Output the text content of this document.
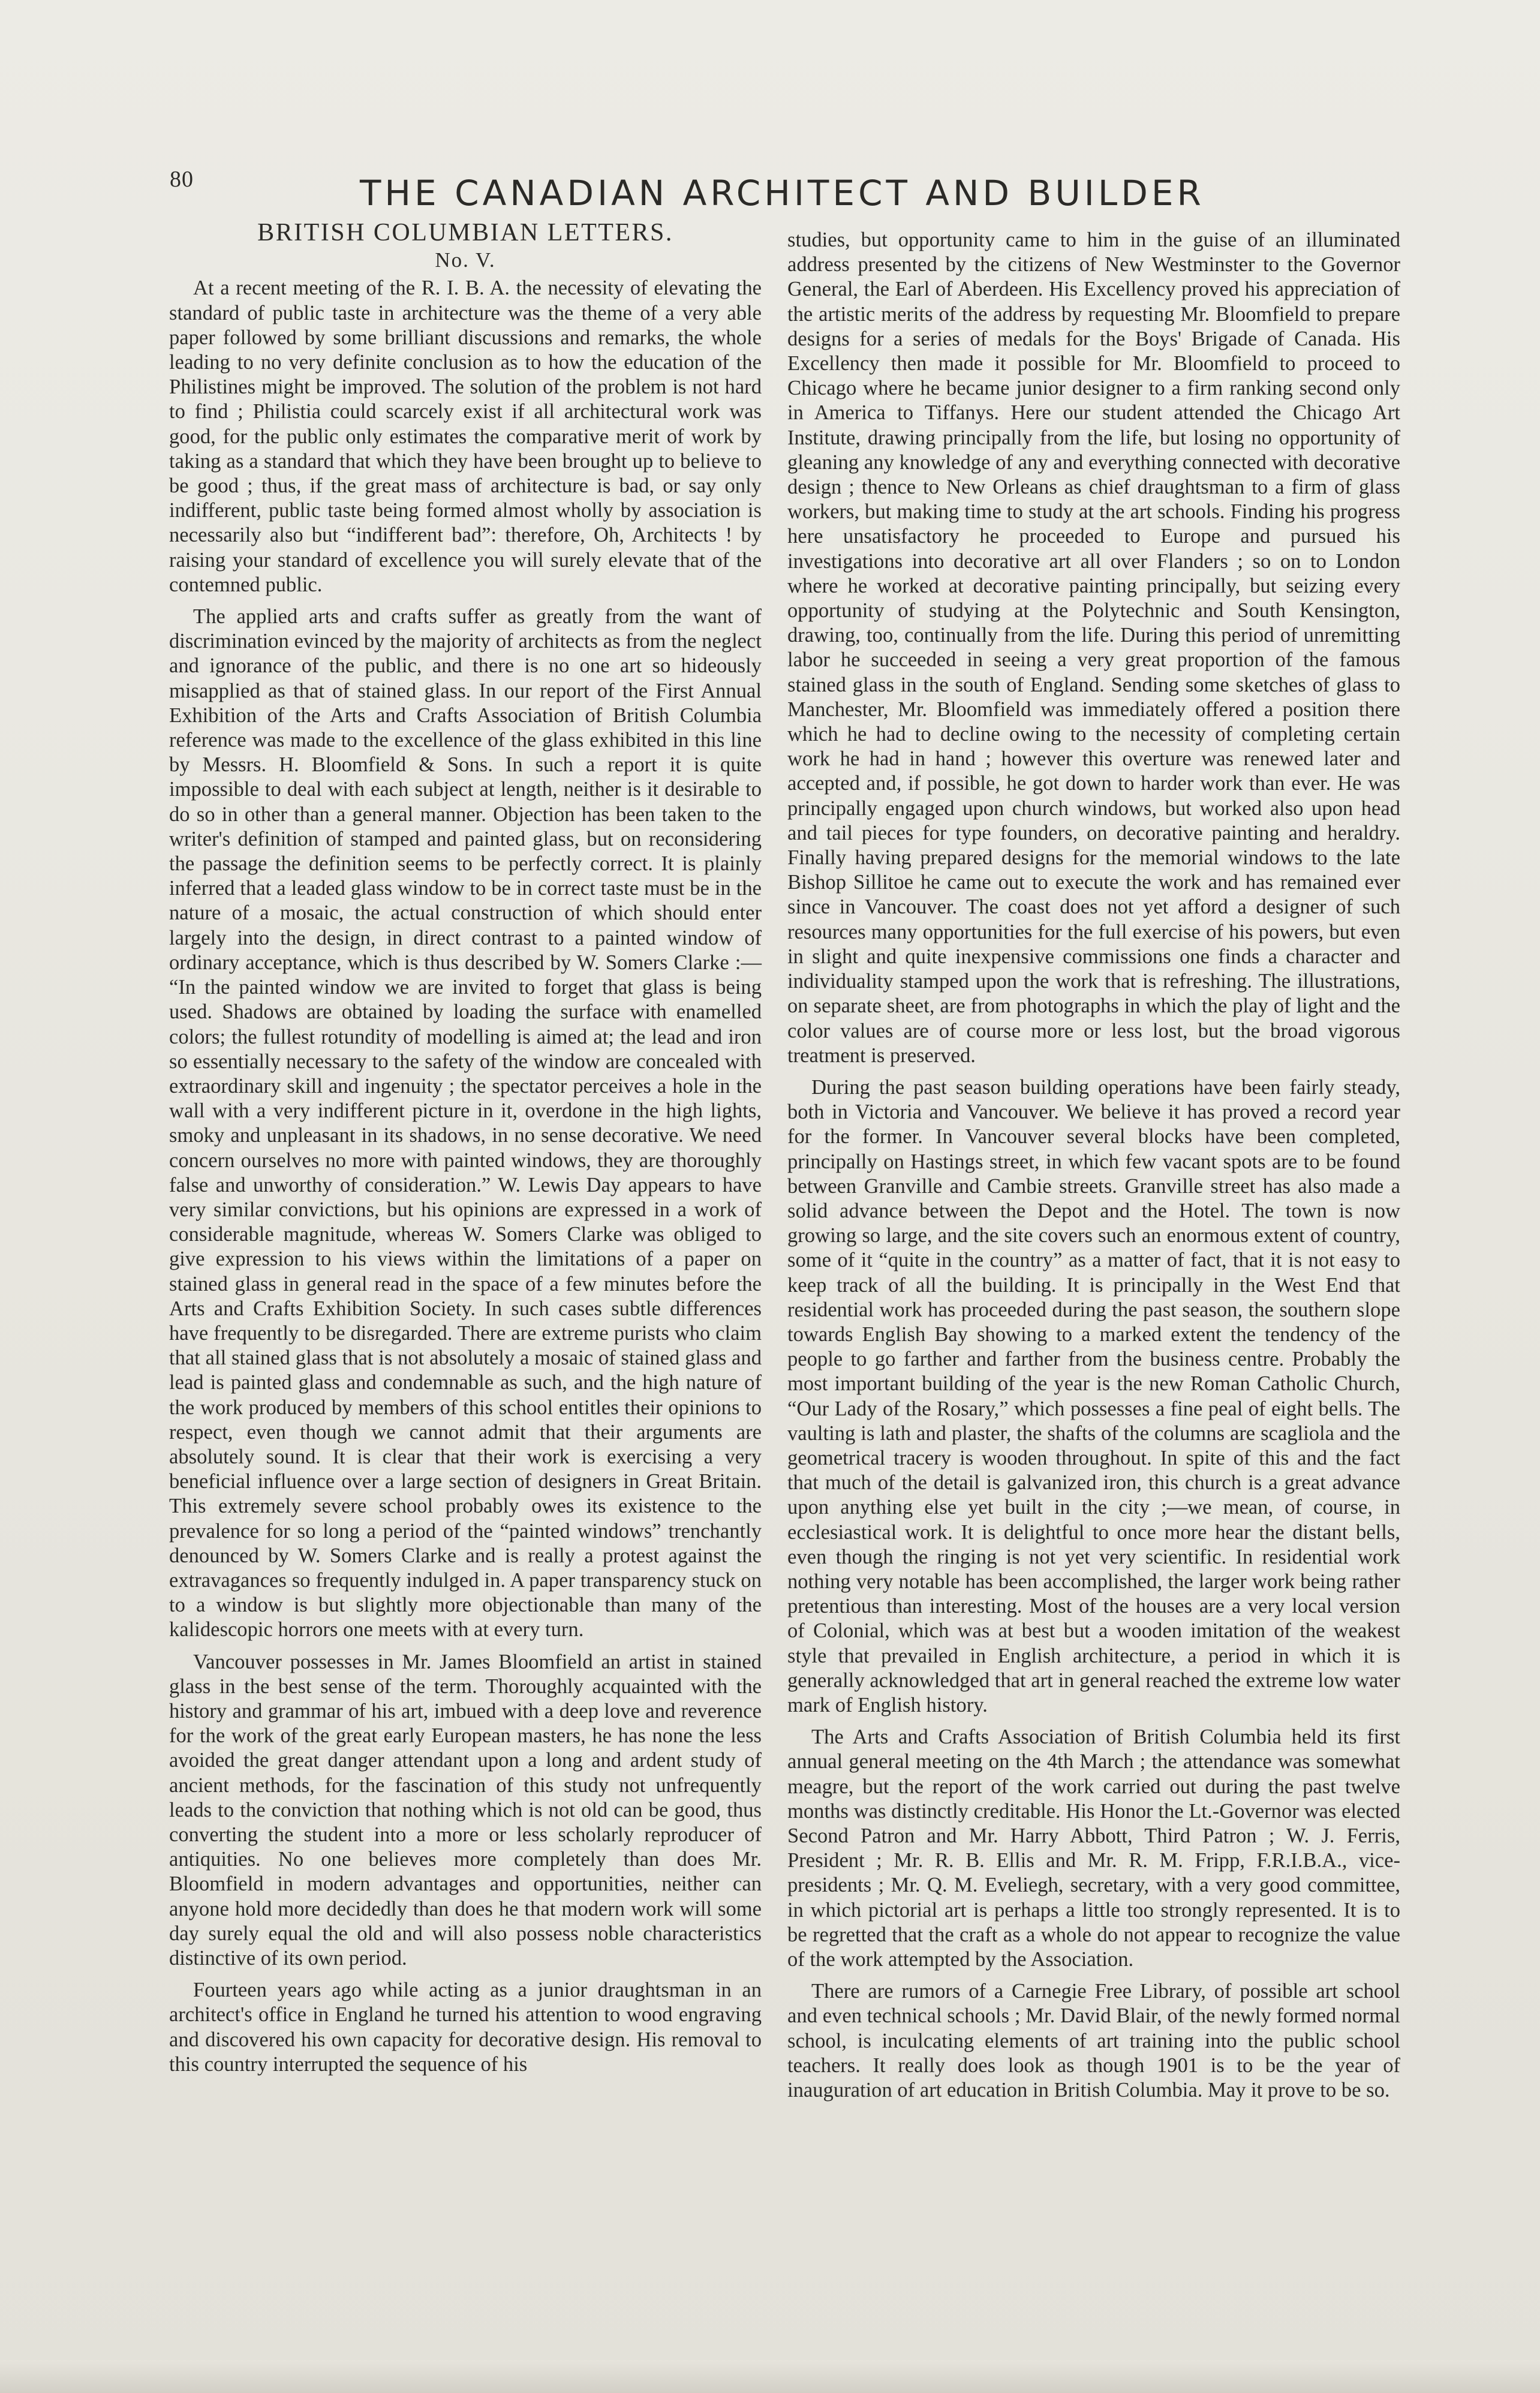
80	THE CANADIAN ARCHITECT AND BUILDER
BRITISH COLUMBIAN LETTERS.
No. V.

At a recent meeting of the R. I. B. A. the necessity of elevating the standard of public taste in architecture was the theme of a very able paper followed by some brilliant discussions and remarks, the whole leading to no very definite conclusion as to how the education of the Philistines might be improved. The solution of the problem is not hard to find ; Philistia could scarcely exist if all architectural work was good, for the public only estimates the comparative merit of work by taking as a standard that which they have been brought up to believe to be good ; thus, if the great mass of architecture is bad, or say only indifferent, public taste being formed almost wholly by association is necessarily also but “indifferent bad”: therefore, Oh, Architects ! by raising your standard of excellence you will surely elevate that of the contemned public.

The applied arts and crafts suffer as greatly from the want of discrimination evinced by the majority of architects as from the neglect and ignorance of the public, and there is no one art so hideously misapplied as that of stained glass. In our report of the First Annual Exhibition of the Arts and Crafts Association of British Columbia reference was made to the excellence of the glass exhibited in this line by Messrs. H. Bloomfield & Sons. In such a report it is quite impossible to deal with each subject at length, neither is it desirable to do so in other than a general manner. Objection has been taken to the writer's definition of stamped and painted glass, but on reconsidering the passage the definition seems to be perfectly correct. It is plainly inferred that a leaded glass window to be in correct taste must be in the nature of a mosaic, the actual construction of which should enter largely into the design, in direct contrast to a painted window of ordinary acceptance, which is thus described by W. Somers Clarke :— “In the painted window we are invited to forget that glass is being used. Shadows are obtained by loading the surface with enamelled colors; the fullest rotundity of modelling is aimed at; the lead and iron so essentially necessary to the safety of the window are concealed with extraordinary skill and ingenuity ; the spectator perceives a hole in the wall with a very indifferent picture in it, overdone in the high lights, smoky and unpleasant in its shadows, in no sense decorative. We need concern ourselves no more with painted windows, they are thoroughly false and unworthy of consideration.” W. Lewis Day appears to have very similar convictions, but his opinions are expressed in a work of considerable magnitude, whereas W. Somers Clarke was obliged to give expression to his views within the limitations of a paper on stained glass in general read in the space of a few minutes before the Arts and Crafts Exhibition Society. In such cases subtle differences have frequently to be disregarded. There are extreme purists who claim that all stained glass that is not absolutely a mosaic of stained glass and lead is painted glass and condemnable as such, and the high nature of the work produced by members of this school entitles their opinions to respect, even though we cannot admit that their arguments are absolutely sound. It is clear that their work is exercising a very beneficial influence over a large section of designers in Great Britain. This extremely severe school probably owes its existence to the prevalence for so long a period of the “painted windows” trenchantly denounced by W. Somers Clarke and is really a protest against the extravagances so frequently indulged in. A paper transparency stuck on to a window is but slightly more objectionable than many of the kalidescopic horrors one meets with at every turn.

Vancouver possesses in Mr. James Bloomfield an artist in stained glass in the best sense of the term. Thoroughly acquainted with the history and grammar of his art, imbued with a deep love and reverence for the work of the great early European masters, he has none the less avoided the great danger attendant upon a long and ardent study of ancient methods, for the fascination of this study not unfrequently leads to the conviction that nothing which is not old can be good, thus converting the student into a more or less scholarly reproducer of antiquities. No one believes more completely than does Mr. Bloomfield in modern advantages and opportunities, neither can anyone hold more decidedly than does he that modern work will some day surely equal the old and will also possess noble characteristics distinctive of its own period.

Fourteen years ago while acting as a junior draughtsman in an architect's office in England he turned his attention to wood engraving and discovered his own capacity for decorative design. His removal to this country interrupted the sequence of his

studies, but opportunity came to him in the guise of an illuminated address presented by the citizens of New Westminster to the Governor General, the Earl of Aberdeen. His Excellency proved his appreciation of the artistic merits of the address by requesting Mr. Bloomfield to prepare designs for a series of medals for the Boys' Brigade of Canada. His Excellency then made it possible for Mr. Bloomfield to proceed to Chicago where he became junior designer to a firm ranking second only in America to Tiffanys. Here our student attended the Chicago Art Institute, drawing principally from the life, but losing no opportunity of gleaning any knowledge of any and everything connected with decorative design ; thence to New Orleans as chief draughtsman to a firm of glass workers, but making time to study at the art schools. Finding his progress here unsatisfactory he proceeded to Europe and pursued his investigations into decorative art all over Flanders ; so on to London where he worked at decorative painting principally, but seizing every opportunity of studying at the Polytechnic and South Kensington, drawing, too, continually from the life. During this period of unremitting labor he succeeded in seeing a very great proportion of the famous stained glass in the south of England. Sending some sketches of glass to Manchester, Mr. Bloomfield was immediately offered a position there which he had to decline owing to the necessity of completing certain work he had in hand ; however this overture was renewed later and accepted and, if possible, he got down to harder work than ever. He was principally engaged upon church windows, but worked also upon head and tail pieces for type founders, on decorative painting and heraldry. Finally having prepared designs for the memorial windows to the late Bishop Sillitoe he came out to execute the work and has remained ever since in Vancouver. The coast does not yet afford a designer of such resources many opportunities for the full exercise of his powers, but even in slight and quite inexpensive commissions one finds a character and individuality stamped upon the work that is refreshing. The illustrations, on separate sheet, are from photographs in which the play of light and the color values are of course more or less lost, but the broad vigorous treatment is preserved.

During the past season building operations have been fairly steady, both in Victoria and Vancouver. We believe it has proved a record year for the former. In Vancouver several blocks have been completed, principally on Hastings street, in which few vacant spots are to be found between Granville and Cambie streets. Granville street has also made a solid advance between the Depot and the Hotel. The town is now growing so large, and the site covers such an enormous extent of country, some of it “quite in the country” as a matter of fact, that it is not easy to keep track of all the building. It is principally in the West End that residential work has proceeded during the past season, the southern slope towards English Bay showing to a marked extent the tendency of the people to go farther and farther from the business centre. Probably the most important building of the year is the new Roman Catholic Church, “Our Lady of the Rosary,” which possesses a fine peal of eight bells. The vaulting is lath and plaster, the shafts of the columns are scagliola and the geometrical tracery is wooden throughout. In spite of this and the fact that much of the detail is galvanized iron, this church is a great advance upon anything else yet built in the city ;—we mean, of course, in ecclesiastical work. It is delightful to once more hear the distant bells, even though the ringing is not yet very scientific. In residential work nothing very notable has been accomplished, the larger work being rather pretentious than interesting. Most of the houses are a very local version of Colonial, which was at best but a wooden imitation of the weakest style that prevailed in English architecture, a period in which it is generally acknowledged that art in general reached the extreme low water mark of English history.

The Arts and Crafts Association of British Columbia held its first annual general meeting on the 4th March ; the attendance was somewhat meagre, but the report of the work carried out during the past twelve months was distinctly creditable. His Honor the Lt.-Governor was elected Second Patron and Mr. Harry Abbott, Third Patron ; W. J. Ferris, President ; Mr. R. B. Ellis and Mr. R. M. Fripp, F.R.I.B.A., vice-presidents ; Mr. Q. M. Eveliegh, secretary, with a very good committee, in which pictorial art is perhaps a little too strongly represented. It is to be regretted that the craft as a whole do not appear to recognize the value of the work attempted by the Association.

There are rumors of a Carnegie Free Library, of possible art school and even technical schools ; Mr. David Blair, of the newly formed normal school, is inculcating elements of art training into the public school teachers. It really does look as though 1901 is to be the year of inauguration of art education in British Columbia. May it prove to be so.
